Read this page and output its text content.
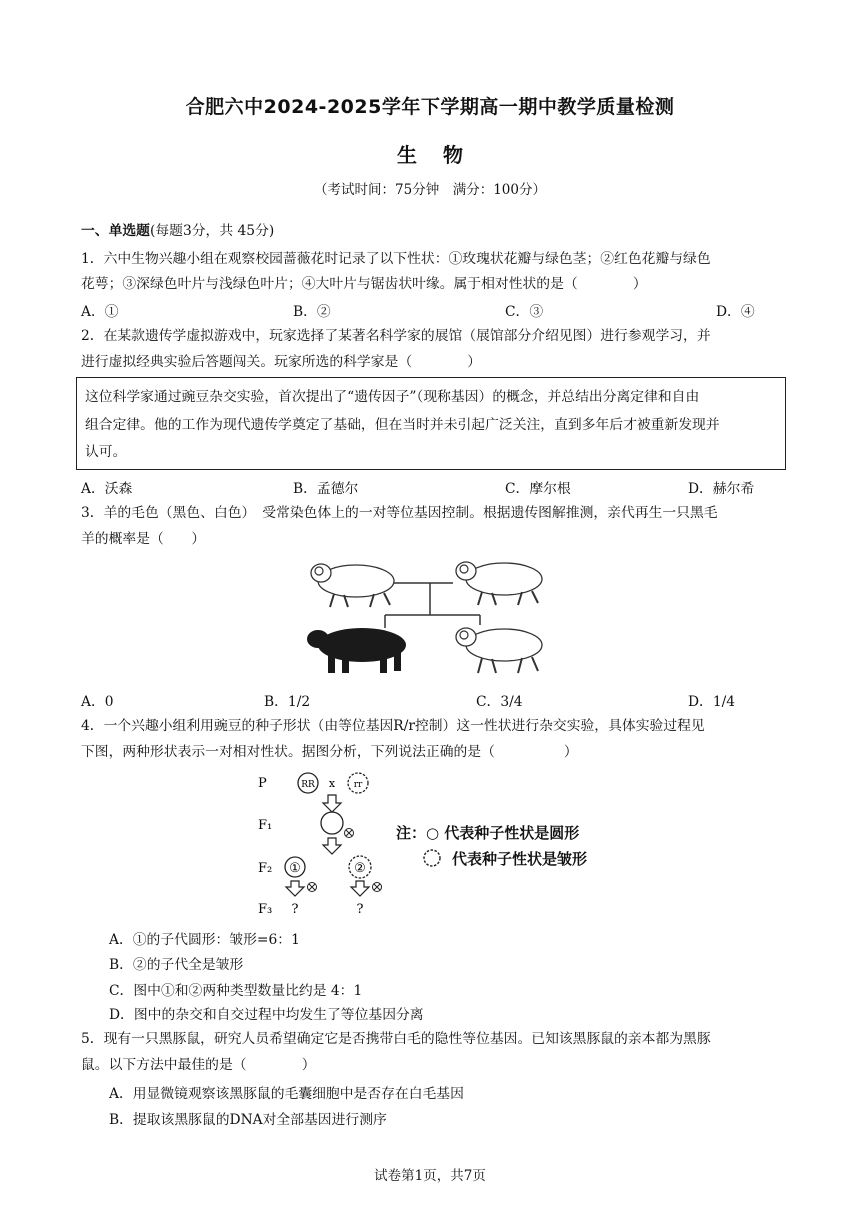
合肥六中2024-2025学年下学期高一期中教学质量检测
生物
（考试时间：75分钟　满分：100分）
一、单选题(每题3分，共 45分)
1．六中生物兴趣小组在观察校园蔷薇花时记录了以下性状：①玫瑰状花瓣与绿色茎；②红色花瓣与绿色
花萼；③深绿色叶片与浅绿色叶片；④大叶片与锯齿状叶缘。属于相对性状的是（　　　　）
A．①	B．②	C．③	D．④
2．在某款遗传学虚拟游戏中，玩家选择了某著名科学家的展馆（展馆部分介绍见图）进行参观学习，并
进行虚拟经典实验后答题闯关。玩家所选的科学家是（　　　　）
这位科学家通过豌豆杂交实验，首次提出了“遗传因子”（现称基因）的概念，并总结出分离定律和自由
组合定律。他的工作为现代遗传学奠定了基础，但在当时并未引起广泛关注，直到多年后才被重新发现并
认可。
A．沃森	B．孟德尔	C．摩尔根	D．赫尔希
3．羊的毛色（黑色、白色）　受常染色体上的一对等位基因控制。根据遗传图解推测，亲代再生一只黑毛
羊的概率是（　　）
A．0	B．1/2	C．3/4	D．1/4
4．一个兴趣小组利用豌豆的种子形状（由等位基因R/r控制）这一性状进行杂交实验，具体实验过程见
下图，两种形状表示一对相对性状。据图分析，下列说法正确的是（　　　　　）
P
F₁
F₂
F₃
RR x rr
①	②
?	?
注：○ 代表种子性状是圆形
代表种子性状是皱形
A．①的子代圆形：皱形=6：1
B．②的子代全是皱形
C．图中①和②两种类型数量比约是 4：1
D．图中的杂交和自交过程中均发生了等位基因分离
5．现有一只黑豚鼠，研究人员希望确定它是否携带白毛的隐性等位基因。已知该黑豚鼠的亲本都为黑豚
鼠。以下方法中最佳的是（　　　　）
A．用显微镜观察该黑豚鼠的毛囊细胞中是否存在白毛基因
B．提取该黑豚鼠的DNA对全部基因进行测序
试卷第1页，共7页
